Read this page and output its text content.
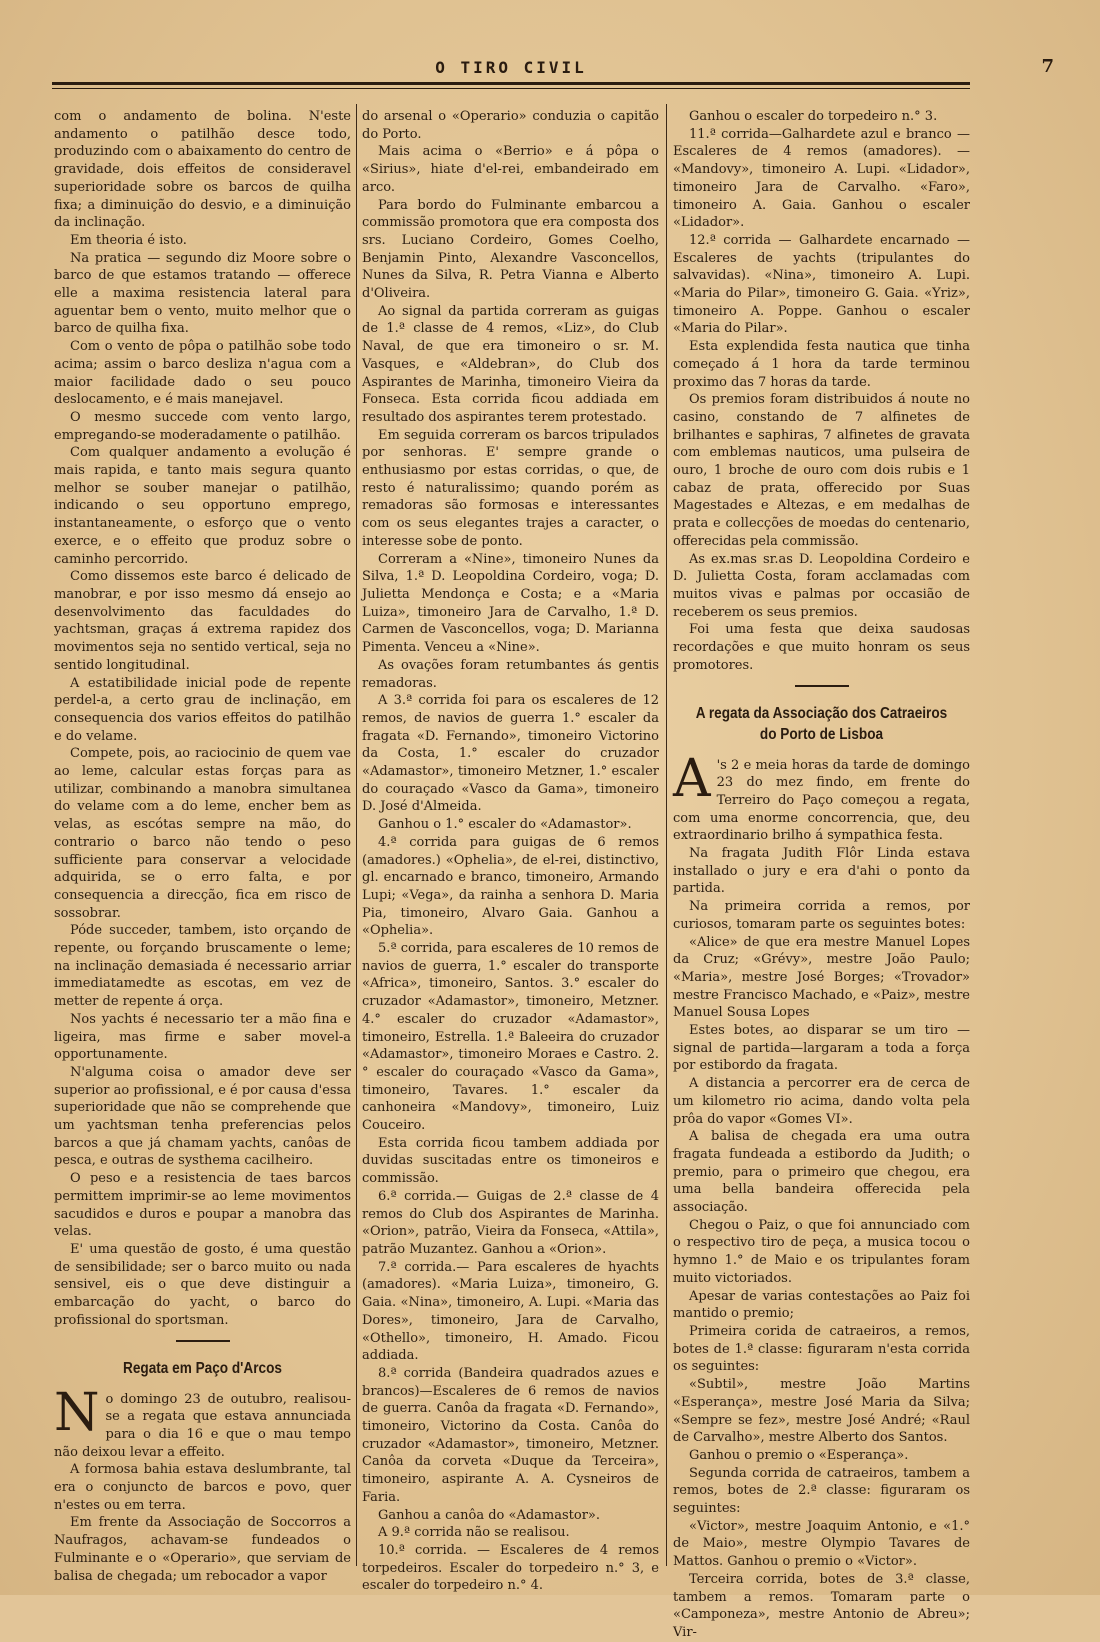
O TIRO CIVIL	7

com o andamento de bolina. N'este andamento o patilhão desce todo, produzindo com o abaixamento do centro de gravidade, dois effeitos de consideravel superioridade sobre os barcos de quilha fixa; a diminuição do desvio, e a diminuição da inclinação.

Em theoria é isto.

Na pratica — segundo diz Moore sobre o barco de que estamos tratando — offerece elle a maxima resistencia lateral para aguentar bem o vento, muito melhor que o barco de quilha fixa.

Com o vento de pôpa o patilhão sobe todo acima; assim o barco desliza n'agua com a maior facilidade dado o seu pouco deslocamento, e é mais manejavel.

O mesmo succede com vento largo, empregando-se moderadamente o patilhão.

Com qualquer andamento a evolução é mais rapida, e tanto mais segura quanto melhor se souber manejar o patilhão, indicando o seu opportuno emprego, instantaneamente, o esforço que o vento exerce, e o effeito que produz sobre o caminho percorrido.

Como dissemos este barco é delicado de manobrar, e por isso mesmo dá ensejo ao desenvolvimento das faculdades do yachtsman, graças á extrema rapidez dos movimentos seja no sentido vertical, seja no sentido longitudinal.

A estatibilidade inicial pode de repente perdel-a, a certo grau de inclinação, em consequencia dos varios effeitos do patilhão e do velame.

Compete, pois, ao raciocinio de quem vae ao leme, calcular estas forças para as utilizar, combinando a manobra simultanea do velame com a do leme, encher bem as velas, as escótas sempre na mão, do contrario o barco não tendo o peso sufficiente para conservar a velocidade adquirida, se o erro falta, e por consequencia a direcção, fica em risco de sossobrar.

Póde succeder, tambem, isto orçando de repente, ou forçando bruscamente o leme; na inclinação demasiada é necessario arriar immediatamedte as escotas, em vez de metter de repente á orça.

Nos yachts é necessario ter a mão fina e ligeira, mas firme e saber movel-a opportunamente.

N'alguma coisa o amador deve ser superior ao profissional, e é por causa d'essa superioridade que não se comprehende que um yachtsman tenha preferencias pelos barcos a que já chamam yachts, canôas de pesca, e outras de systhema cacilheiro.

O peso e a resistencia de taes barcos permittem imprimir-se ao leme movimentos sacudidos e duros e poupar a manobra das velas.

E' uma questão de gosto, é uma questão de sensibilidade; ser o barco muito ou nada sensivel, eis o que deve distinguir a embarcação do yacht, o barco do profissional do sportsman.

Regata em Paço d'Arcos

No domingo 23 de outubro, realisou-se a regata que estava annunciada para o dia 16 e que o mau tempo não deixou levar a effeito.

A formosa bahia estava deslumbrante, tal era o conjuncto de barcos e povo, quer n'estes ou em terra.

Em frente da Associação de Soccorros a Naufragos, achavam-se fundeados o Fulminante e o «Operario», que serviam de balisa de chegada; um rebocador a vapor

do arsenal o «Operario» conduzia o capitão do Porto.

Mais acima o «Berrio» e á pôpa o «Sirius», hiate d'el-rei, embandeirado em arco.

Para bordo do Fulminante embarcou a commissão promotora que era composta dos srs. Luciano Cordeiro, Gomes Coelho, Benjamin Pinto, Alexandre Vasconcellos, Nunes da Silva, R. Petra Vianna e Alberto d'Oliveira.

Ao signal da partida correram as guigas de 1.ª classe de 4 remos, «Liz», do Club Naval, de que era timoneiro o sr. M. Vasques, e «Aldebran», do Club dos Aspirantes de Marinha, timoneiro Vieira da Fonseca. Esta corrida ficou addiada em resultado dos aspirantes terem protestado.

Em seguida correram os barcos tripulados por senhoras. E' sempre grande o enthusiasmo por estas corridas, o que, de resto é naturalissimo; quando porém as remadoras são formosas e interessantes com os seus elegantes trajes a caracter, o interesse sobe de ponto.

Correram a «Nine», timoneiro Nunes da Silva, 1.ª D. Leopoldina Cordeiro, voga; D. Julietta Mendonça e Costa; e a «Maria Luiza», timoneiro Jara de Carvalho, 1.ª D. Carmen de Vasconcellos, voga; D. Marianna Pimenta. Venceu a «Nine».

As ovações foram retumbantes ás gentis remadoras.

A 3.ª corrida foi para os escaleres de 12 remos, de navios de guerra 1.° escaler da fragata «D. Fernando», timoneiro Victorino da Costa, 1.° escaler do cruzador «Adamastor», timoneiro Metzner, 1.° escaler do couraçado «Vasco da Gama», timoneiro D. José d'Almeida.

Ganhou o 1.° escaler do «Adamastor».

4.ª corrida para guigas de 6 remos (amadores.) «Ophelia», de el-rei, distinctivo, gl. encarnado e branco, timoneiro, Armando Lupi; «Vega», da rainha a senhora D. Maria Pia, timoneiro, Alvaro Gaia. Ganhou a «Ophelia».

5.ª corrida, para escaleres de 10 remos de navios de guerra, 1.° escaler do transporte «Africa», timoneiro, Santos. 3.° escaler do cruzador «Adamastor», timoneiro, Metzner. 4.° escaler do cruzador «Adamastor», timoneiro, Estrella. 1.ª Baleeira do cruzador «Adamastor», timoneiro Moraes e Castro. 2.° escaler do couraçado «Vasco da Gama», timoneiro, Tavares. 1.° escaler da canhoneira «Mandovy», timoneiro, Luiz Couceiro.

Esta corrida ficou tambem addiada por duvidas suscitadas entre os timoneiros e commissão.

6.ª corrida.— Guigas de 2.ª classe de 4 remos do Club dos Aspirantes de Marinha. «Orion», patrão, Vieira da Fonseca, «Attila», patrão Muzantez. Ganhou a «Orion».

7.ª corrida.— Para escaleres de hyachts (amadores). «Maria Luiza», timoneiro, G. Gaia. «Nina», timoneiro, A. Lupi. «Maria das Dores», timoneiro, Jara de Carvalho, «Othello», timoneiro, H. Amado. Ficou addiada.

8.ª corrida (Bandeira quadrados azues e brancos)—Escaleres de 6 remos de navios de guerra. Canôa da fragata «D. Fernando», timoneiro, Victorino da Costa. Canôa do cruzador «Adamastor», timoneiro, Metzner. Canôa da corveta «Duque da Terceira», timoneiro, aspirante A. A. Cysneiros de Faria.

Ganhou a canôa do «Adamastor».

A 9.ª corrida não se realisou.

10.ª corrida. — Escaleres de 4 remos torpedeiros. Escaler do torpedeiro n.° 3, e escaler do torpedeiro n.° 4.

Ganhou o escaler do torpedeiro n.° 3.

11.ª corrida—Galhardete azul e branco — Escaleres de 4 remos (amadores). — «Mandovy», timoneiro A. Lupi. «Lidador», timoneiro Jara de Carvalho. «Faro», timoneiro A. Gaia. Ganhou o escaler «Lidador».

12.ª corrida — Galhardete encarnado — Escaleres de yachts (tripulantes do salvavidas). «Nina», timoneiro A. Lupi. «Maria do Pilar», timoneiro G. Gaia. «Yriz», timoneiro A. Poppe. Ganhou o escaler «Maria do Pilar».

Esta explendida festa nautica que tinha começado á 1 hora da tarde terminou proximo das 7 horas da tarde.

Os premios foram distribuidos á noute no casino, constando de 7 alfinetes de brilhantes e saphiras, 7 alfinetes de gravata com emblemas nauticos, uma pulseira de ouro, 1 broche de ouro com dois rubis e 1 cabaz de prata, offerecido por Suas Magestades e Altezas, e em medalhas de prata e collecções de moedas do centenario, offerecidas pela commissão.

As ex.mas sr.as D. Leopoldina Cordeiro e D. Julietta Costa, foram acclamadas com muitos vivas e palmas por occasião de receberem os seus premios.

Foi uma festa que deixa saudosas recordações e que muito honram os seus promotores.

A regata da Associação dos Catraeiros do Porto de Lisboa

A 's 2 e meia horas da tarde de domingo 23 do mez findo, em frente do Terreiro do Paço começou a regata, com uma enorme concorrencia, que, deu extraordinario brilho á sympathica festa.

Na fragata Judith Flôr Linda estava installado o jury e era d'ahi o ponto da partida.

Na primeira corrida a remos, por curiosos, tomaram parte os seguintes botes:

«Alice» de que era mestre Manuel Lopes da Cruz; «Grévy», mestre João Paulo; «Maria», mestre José Borges; «Trovador» mestre Francisco Machado, e «Paiz», mestre Manuel Sousa Lopes

Estes botes, ao disparar se um tiro — signal de partida—largaram a toda a força por estibordo da fragata.

A distancia a percorrer era de cerca de um kilometro rio acima, dando volta pela prôa do vapor «Gomes VI».

A balisa de chegada era uma outra fragata fundeada a estibordo da Judith; o premio, para o primeiro que chegou, era uma bella bandeira offerecida pela associação.

Chegou o Paiz, o que foi annunciado com o respectivo tiro de peça, a musica tocou o hymno 1.° de Maio e os tripulantes foram muito victoriados.

Apesar de varias contestações ao Paiz foi mantido o premio;

Primeira corida de catraeiros, a remos, botes de 1.ª classe: figuraram n'esta corrida os seguintes:

«Subtil», mestre João Martins «Esperança», mestre José Maria da Silva; «Sempre se fez», mestre José André; «Raul de Carvalho», mestre Alberto dos Santos.

Ganhou o premio o «Esperança».

Segunda corrida de catraeiros, tambem a remos, botes de 2.ª classe: figuraram os seguintes:

«Victor», mestre Joaquim Antonio, e «1.° de Maio», mestre Olympio Tavares de Mattos. Ganhou o premio o «Victor».

Terceira corrida, botes de 3.ª classe, tambem a remos. Tomaram parte o «Camponeza», mestre Antonio de Abreu»; Vir-
